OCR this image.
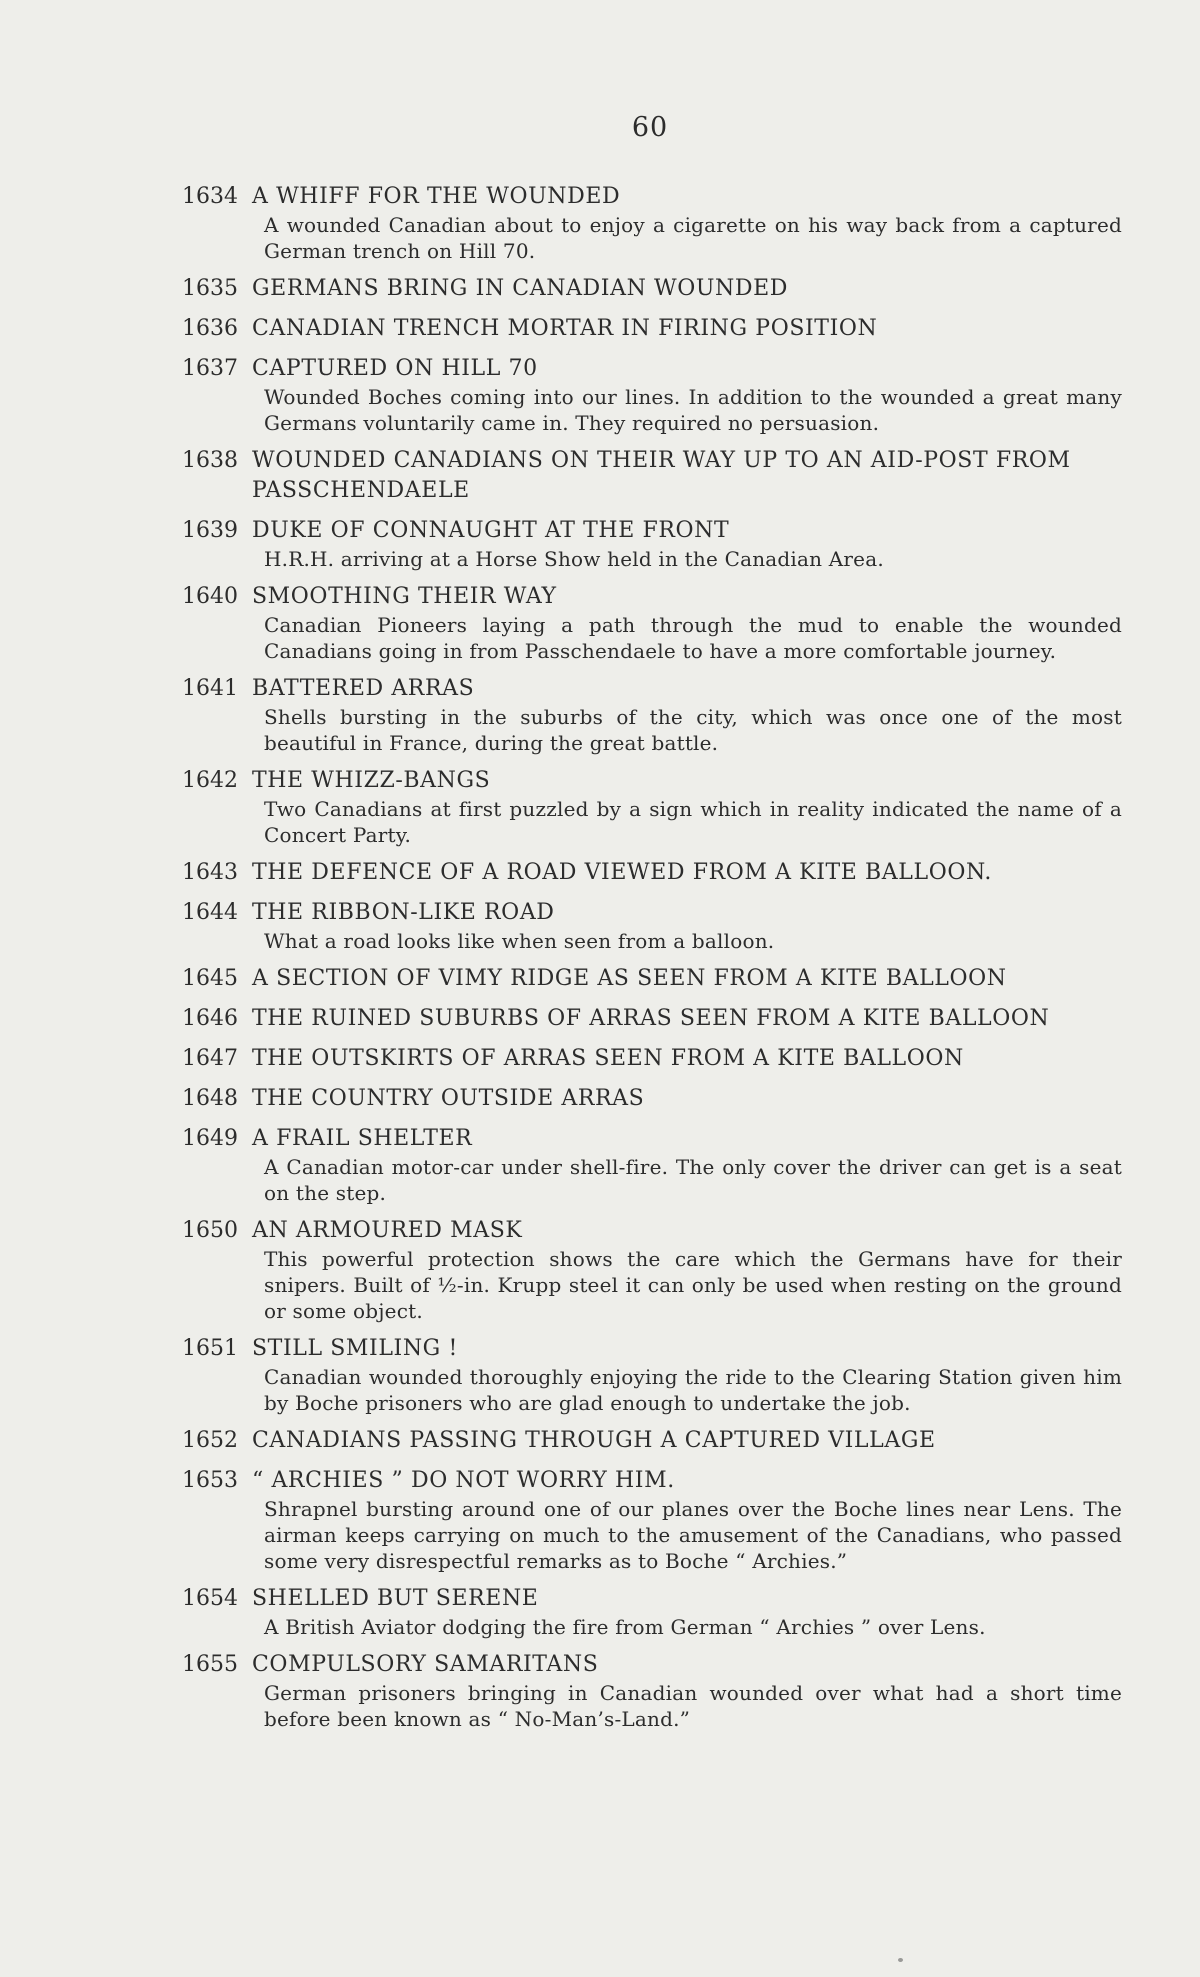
60
1634 A WHIFF FOR THE WOUNDED
A wounded Canadian about to enjoy a cigarette on his way back from a captured German trench on Hill 70.
1635 GERMANS BRING IN CANADIAN WOUNDED
1636 CANADIAN TRENCH MORTAR IN FIRING POSITION
1637 CAPTURED ON HILL 70
Wounded Boches coming into our lines. In addition to the wounded a great many Germans voluntarily came in. They required no persuasion.
1638 WOUNDED CANADIANS ON THEIR WAY UP TO AN AID-POST FROM PASSCHENDAELE
1639 DUKE OF CONNAUGHT AT THE FRONT
H.R.H. arriving at a Horse Show held in the Canadian Area.
1640 SMOOTHING THEIR WAY
Canadian Pioneers laying a path through the mud to enable the wounded Canadians going in from Passchendaele to have a more comfortable journey.
1641 BATTERED ARRAS
Shells bursting in the suburbs of the city, which was once one of the most beautiful in France, during the great battle.
1642 THE WHIZZ-BANGS
Two Canadians at first puzzled by a sign which in reality indicated the name of a Concert Party.
1643 THE DEFENCE OF A ROAD VIEWED FROM A KITE BALLOON.
1644 THE RIBBON-LIKE ROAD
What a road looks like when seen from a balloon.
1645 A SECTION OF VIMY RIDGE AS SEEN FROM A KITE BALLOON
1646 THE RUINED SUBURBS OF ARRAS SEEN FROM A KITE BALLOON
1647 THE OUTSKIRTS OF ARRAS SEEN FROM A KITE BALLOON
1648 THE COUNTRY OUTSIDE ARRAS
1649 A FRAIL SHELTER
A Canadian motor-car under shell-fire. The only cover the driver can get is a seat on the step.
1650 AN ARMOURED MASK
This powerful protection shows the care which the Germans have for their snipers. Built of ½-in. Krupp steel it can only be used when resting on the ground or some object.
1651 STILL SMILING !
Canadian wounded thoroughly enjoying the ride to the Clearing Station given him by Boche prisoners who are glad enough to undertake the job.
1652 CANADIANS PASSING THROUGH A CAPTURED VILLAGE
1653 “ ARCHIES ” DO NOT WORRY HIM.
Shrapnel bursting around one of our planes over the Boche lines near Lens. The airman keeps carrying on much to the amusement of the Canadians, who passed some very disrespectful remarks as to Boche “ Archies.”
1654 SHELLED BUT SERENE
A British Aviator dodging the fire from German “ Archies ” over Lens.
1655 COMPULSORY SAMARITANS
German prisoners bringing in Canadian wounded over what had a short time before been known as “ No-Man’s-Land.”
